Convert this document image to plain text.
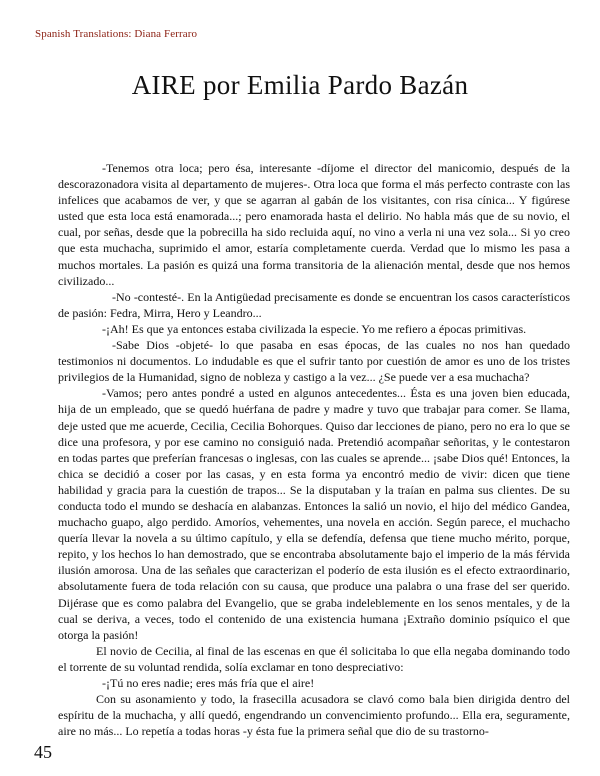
Spanish Translations: Diana Ferraro
AIRE por Emilia Pardo Bazán

-Tenemos otra loca; pero ésa, interesante -díjome el director del manicomio, después de la descorazonadora visita al departamento de mujeres-. Otra loca que forma el más perfecto contraste con las infelices que acabamos de ver, y que se agarran al gabán de los visitantes, con risa cínica... Y figúrese usted que esta loca está enamorada...; pero enamorada hasta el delirio. No habla más que de su novio, el cual, por señas, desde que la pobrecilla ha sido recluida aquí, no vino a verla ni una vez sola... Si yo creo que esta muchacha, suprimido el amor, estaría completamente cuerda. Verdad que lo mismo les pasa a muchos mortales. La pasión es quizá una forma transitoria de la alienación mental, desde que nos hemos civilizado...

-No -contesté-. En la Antigüedad precisamente es donde se encuentran los casos característicos de pasión: Fedra, Mirra, Hero y Leandro...

-¡Ah! Es que ya entonces estaba civilizada la especie. Yo me refiero a épocas primitivas.

-Sabe Dios -objeté- lo que pasaba en esas épocas, de las cuales no nos han quedado testimonios ni documentos. Lo indudable es que el sufrir tanto por cuestión de amor es uno de los tristes privilegios de la Humanidad, signo de nobleza y castigo a la vez... ¿Se puede ver a esa muchacha?

-Vamos; pero antes pondré a usted en algunos antecedentes... Ésta es una joven bien educada, hija de un empleado, que se quedó huérfana de padre y madre y tuvo que trabajar para comer. Se llama, deje usted que me acuerde, Cecilia, Cecilia Bohorques. Quiso dar lecciones de piano, pero no era lo que se dice una profesora, y por ese camino no consiguió nada. Pretendió acompañar señoritas, y le contestaron en todas partes que preferían francesas o inglesas, con las cuales se aprende... ¡sabe Dios qué! Entonces, la chica se decidió a coser por las casas, y en esta forma ya encontró medio de vivir: dicen que tiene habilidad y gracia para la cuestión de trapos... Se la disputaban y la traían en palma sus clientes. De su conducta todo el mundo se deshacía en alabanzas. Entonces la salió un novio, el hijo del médico Gandea, muchacho guapo, algo perdido. Amoríos, vehementes, una novela en acción. Según parece, el muchacho quería llevar la novela a su último capítulo, y ella se defendía, defensa que tiene mucho mérito, porque, repito, y los hechos lo han demostrado, que se encontraba absolutamente bajo el imperio de la más férvida ilusión amorosa. Una de las señales que caracterizan el poderío de esta ilusión es el efecto extraordinario, absolutamente fuera de toda relación con su causa, que produce una palabra o una frase del ser querido. Dijérase que es como palabra del Evangelio, que se graba indeleblemente en los senos mentales, y de la cual se deriva, a veces, todo el contenido de una existencia humana ¡Extraño dominio psíquico el que otorga la pasión!

El novio de Cecilia, al final de las escenas en que él solicitaba lo que ella negaba dominando todo el torrente de su voluntad rendida, solía exclamar en tono despreciativo:

-¡Tú no eres nadie; eres más fría que el aire!

Con su asonamiento y todo, la frasecilla acusadora se clavó como bala bien dirigida dentro del espíritu de la muchacha, y allí quedó, engendrando un convencimiento profundo... Ella era, seguramente, aire no más... Lo repetía a todas horas -y ésta fue la primera señal que dio de su trastorno-

45
